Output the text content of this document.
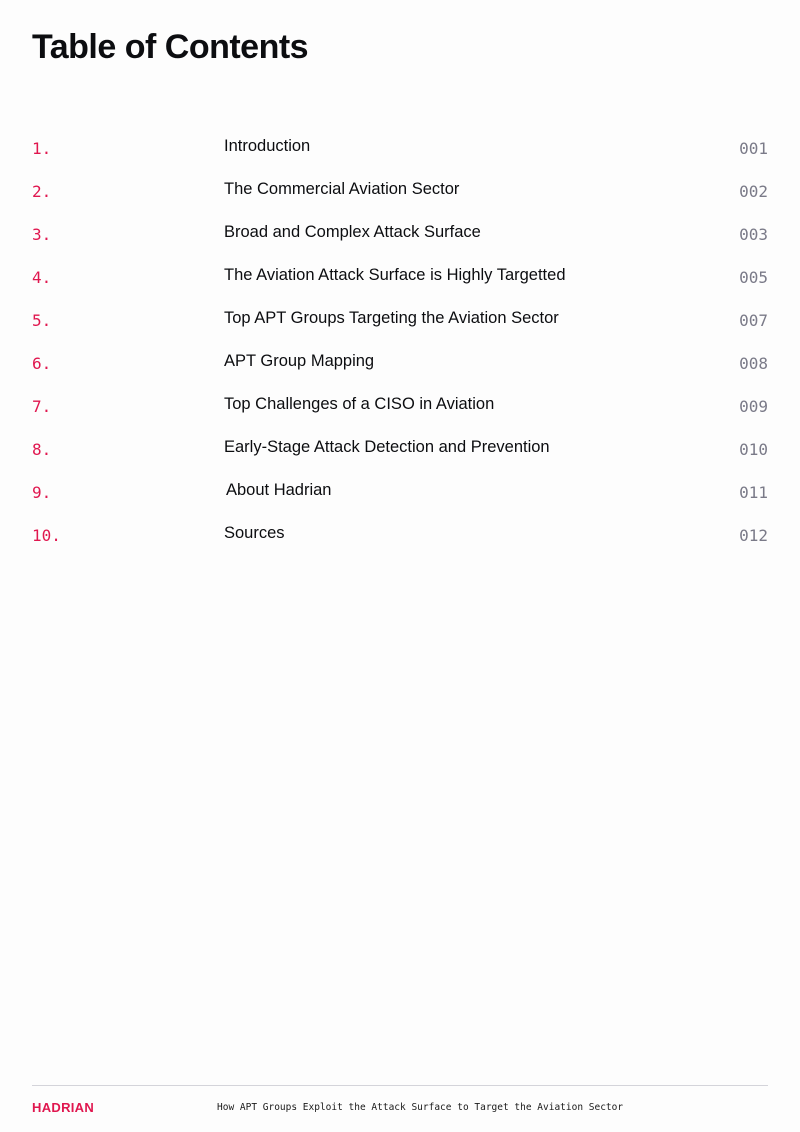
Table of Contents
1.	Introduction	001
2.	The Commercial Aviation Sector	002
3.	Broad and Complex Attack Surface	003
4.	The Aviation Attack Surface is Highly Targetted	005
5.	Top APT Groups Targeting the Aviation Sector	007
6.	APT Group Mapping	008
7.	Top Challenges of a CISO in Aviation	009
8.	Early-Stage Attack Detection and Prevention	010
9.	About Hadrian	011
10.	Sources	012
HADRIAN	How APT Groups Exploit the Attack Surface to Target the Aviation Sector
